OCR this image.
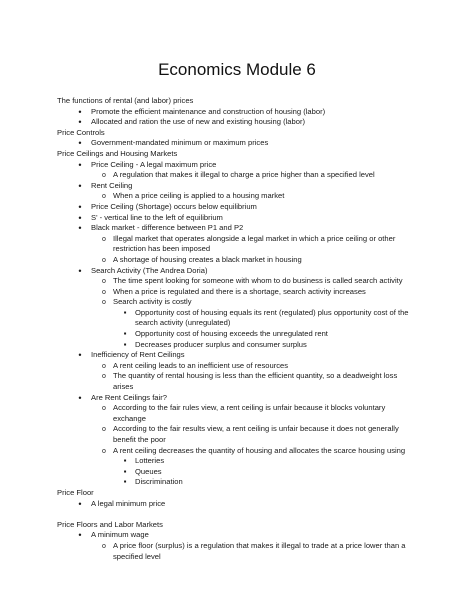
Economics Module 6
The functions of rental (and labor) prices
•
Promote the efficient maintenance and construction of housing (labor)
•
Allocated and ration the use of new and existing housing (labor)
Price Controls
•
Government-mandated minimum or maximum prices
Price Ceilings and Housing Markets
•
Price Ceiling - A legal maximum price
o
A regulation that makes it illegal to charge a price higher than a specified level
•
Rent Ceiling
o
When a price ceiling is applied to a housing market
•
Price Ceiling (Shortage) occurs below equilibrium
•
S' - vertical line to the left of equilibrium
•
Black market - difference between P1 and P2
o
Illegal market that operates alongside a legal market in which a price ceiling or other restriction has been imposed
o
A shortage of housing creates a black market in housing
•
Search Activity (The Andrea Doria)
o
The time spent looking for someone with whom to do business is called search activity
o
When a price is regulated and there is a shortage, search activity increases
o
Search activity is costly
▪
Opportunity cost of housing equals its rent (regulated) plus opportunity cost of the search activity (unregulated)
▪
Opportunity cost of housing exceeds the unregulated rent
▪
Decreases producer surplus and consumer surplus
•
Inefficiency of Rent Ceilings
o
A rent ceiling leads to an inefficient use of resources
o
The quantity of rental housing is less than the efficient quantity, so a deadweight loss arises
•
Are Rent Ceilings fair?
o
According to the fair rules view, a rent ceiling is unfair because it blocks voluntary exchange
o
According to the fair results view, a rent ceiling is unfair because it does not generally benefit the poor
o
A rent ceiling decreases the quantity of housing and allocates the scarce housing using
▪
Lotteries
▪
Queues
▪
Discrimination
Price Floor
•
A legal minimum price
Price Floors and Labor Markets
•
A minimum wage
o
A price floor (surplus) is a regulation that makes it illegal to trade at a price lower than a specified level
